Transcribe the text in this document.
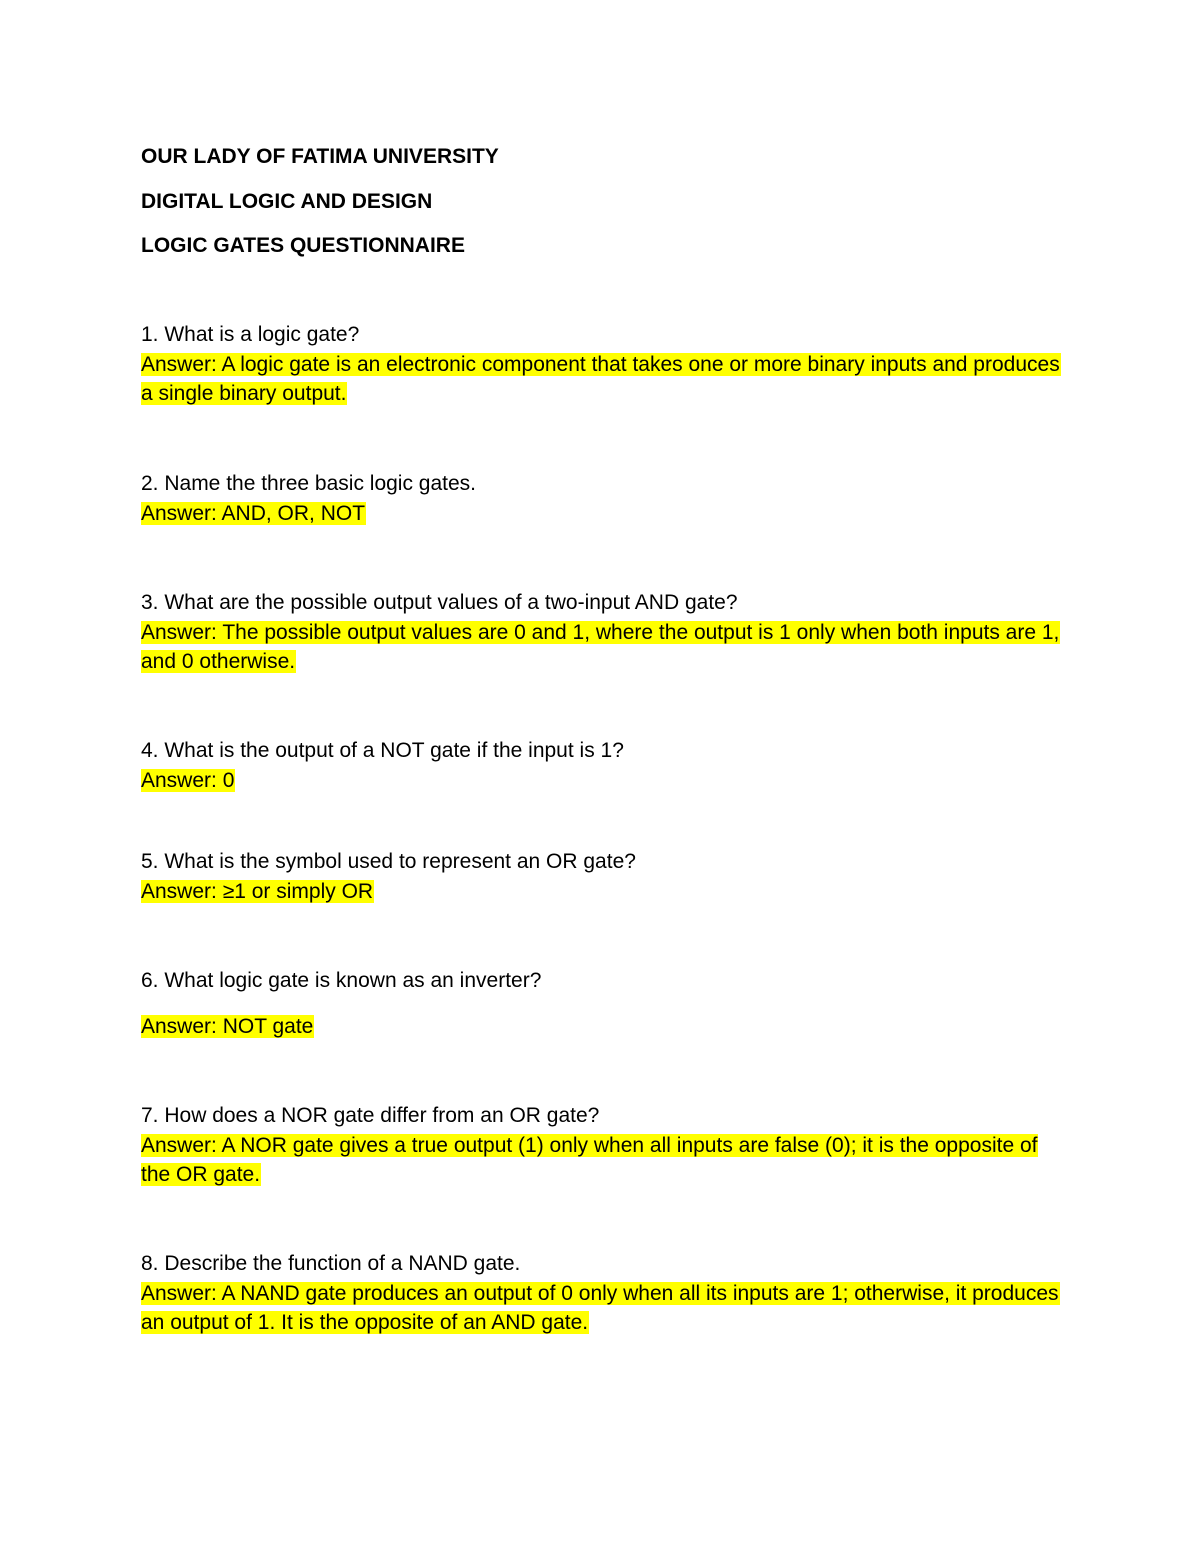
OUR LADY OF FATIMA UNIVERSITY
DIGITAL LOGIC AND DESIGN
LOGIC GATES QUESTIONNAIRE
1. What is a logic gate?
Answer: A logic gate is an electronic component that takes one or more binary inputs and produces a single binary output.
2. Name the three basic logic gates.
Answer: AND, OR, NOT
3. What are the possible output values of a two-input AND gate?
Answer: The possible output values are 0 and 1, where the output is 1 only when both inputs are 1, and 0 otherwise.
4. What is the output of a NOT gate if the input is 1?
Answer: 0
5. What is the symbol used to represent an OR gate?
Answer: ≥1 or simply OR
6. What logic gate is known as an inverter?
Answer: NOT gate
7. How does a NOR gate differ from an OR gate?
Answer: A NOR gate gives a true output (1) only when all inputs are false (0); it is the opposite of the OR gate.
8. Describe the function of a NAND gate.
Answer: A NAND gate produces an output of 0 only when all its inputs are 1; otherwise, it produces an output of 1. It is the opposite of an AND gate.
